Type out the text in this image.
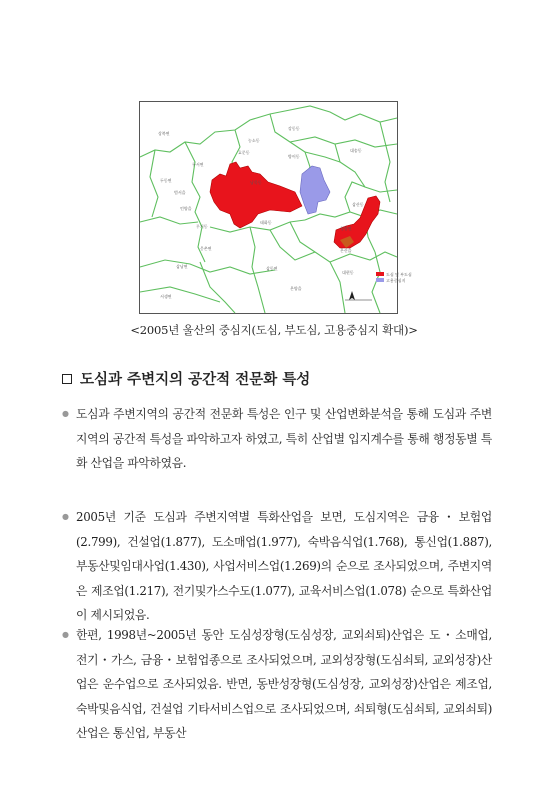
상북면
강동동
농소동
두서면
효문동
방어동
대송동
두동면
범서읍
남목동
언양읍
태화동
삼산동
무거동	청량면
삼남면	삼동면
온산읍
대현동
웅촌면
온양읍
서생면
도심 및 부도심
고용중심지
<2005년 울산의 중심지(도심, 부도심, 고용중심지 확대)>
도심과 주변지의 공간적 전문화 특성
● 도심과 주변지역의 공간적 전문화 특성은 인구 및 산업변화분석을 통해 도심과 주변지역의 공간적 특성을 파악하고자 하였고, 특히 산업별 입지계수를 통해 행정동별 특화 산업을 파악하였음.
● 2005년 기준 도심과 주변지역별 특화산업을 보면, 도심지역은 금융・보험업(2.799), 건설업(1.877), 도소매업(1.977), 숙박음식업(1.768), 통신업(1.887), 부동산및임대사업(1.430), 사업서비스업(1.269)의 순으로 조사되었으며, 주변지역은 제조업(1.217), 전기및가스수도(1.077), 교육서비스업(1.078) 순으로 특화산업이 제시되었음.
● 한편, 1998년~2005년 동안 도심성장형(도심성장, 교외쇠퇴)산업은 도・소매업, 전기・가스, 금융・보험업종으로 조사되었으며, 교외성장형(도심쇠퇴, 교외성장)산업은 운수업으로 조사되었음. 반면, 동반성장형(도심성장, 교외성장)산업은 제조업, 숙박및음식업, 건설업 기타서비스업으로 조사되었으며, 쇠퇴형(도심쇠퇴, 교외쇠퇴)산업은 통신업, 부동산
